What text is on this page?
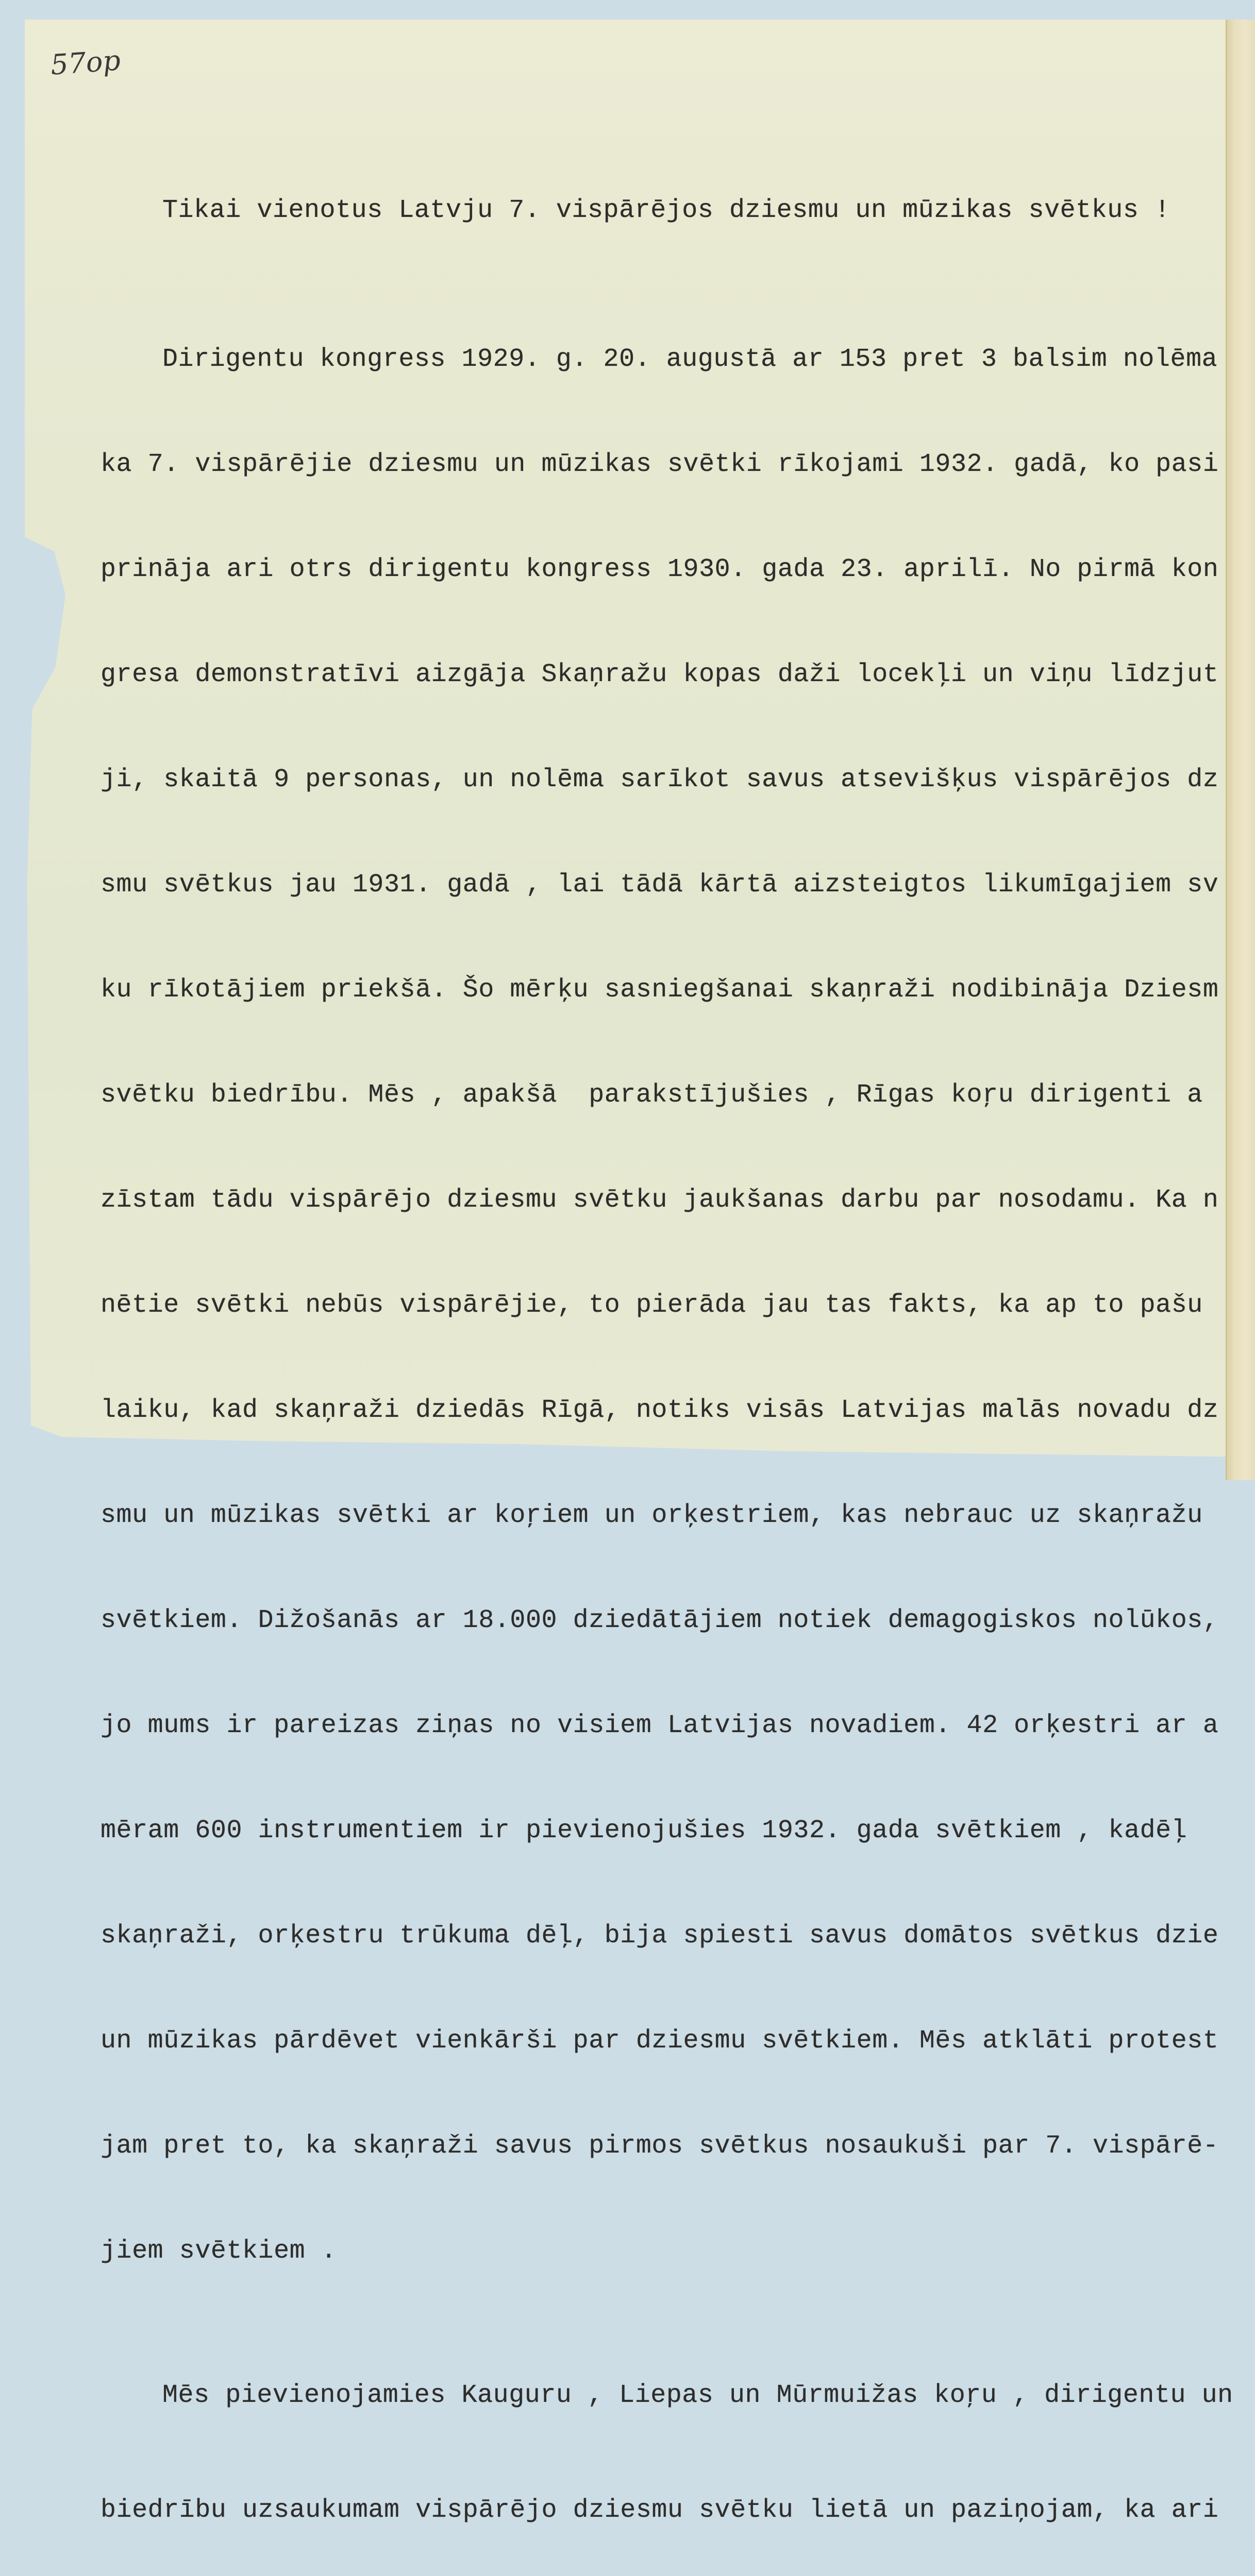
57op

Tikai vienotus Latvju 7. vispārējos dziesmu un mūzikas svētkus !

Dirigentu kongress 1929. g. 20. augustā ar 153 pret 3 balsim nolēma

ka 7. vispārējie dziesmu un mūzikas svētki rīkojami 1932. gadā, ko pasi

prināja ari otrs dirigentu kongress 1930. gada 23. aprilī. No pirmā kon

gresa demonstratīvi aizgāja Skaņražu kopas daži locekļi un viņu līdzjut

ji, skaitā 9 personas, un nolēma sarīkot savus atsevišķus vispārējos dz

smu svētkus jau 1931. gadā , lai tādā kārtā aizsteigtos likumīgajiem sv

ku rīkotājiem priekšā. Šo mērķu sasniegšanai skaņraži nodibināja Dziesm

svētku biedrību. Mēs , apakšā  parakstījušies , Rīgas koŗu dirigenti a

zīstam tādu vispārējo dziesmu svētku jaukšanas darbu par nosodamu. Ka n

nētie svētki nebūs vispārējie, to pierāda jau tas fakts, ka ap to pašu

laiku, kad skaņraži dziedās Rīgā, notiks visās Latvijas malās novadu dz

smu un mūzikas svētki ar koŗiem un orķestriem, kas nebrauc uz skaņražu

svētkiem. Dižošanās ar 18.000 dziedātājiem notiek demagogiskos nolūkos,

jo mums ir pareizas ziņas no visiem Latvijas novadiem. 42 orķestri ar a

mēram 600 instrumentiem ir pievienojušies 1932. gada svētkiem , kadēļ

skaņraži, orķestru trūkuma dēļ, bija spiesti savus domātos svētkus dzie

un mūzikas pārdēvet vienkārši par dziesmu svētkiem. Mēs atklāti protest

jam pret to, ka skaņraži savus pirmos svētkus nosaukuši par 7. vispārē-

jiem svētkiem .

Mēs pievienojamies Kauguru , Liepas un Mūrmuižas koŗu , dirigentu un

biedrību uzsaukumam vispārējo dziesmu svētku lietā un paziņojam, ka ari
